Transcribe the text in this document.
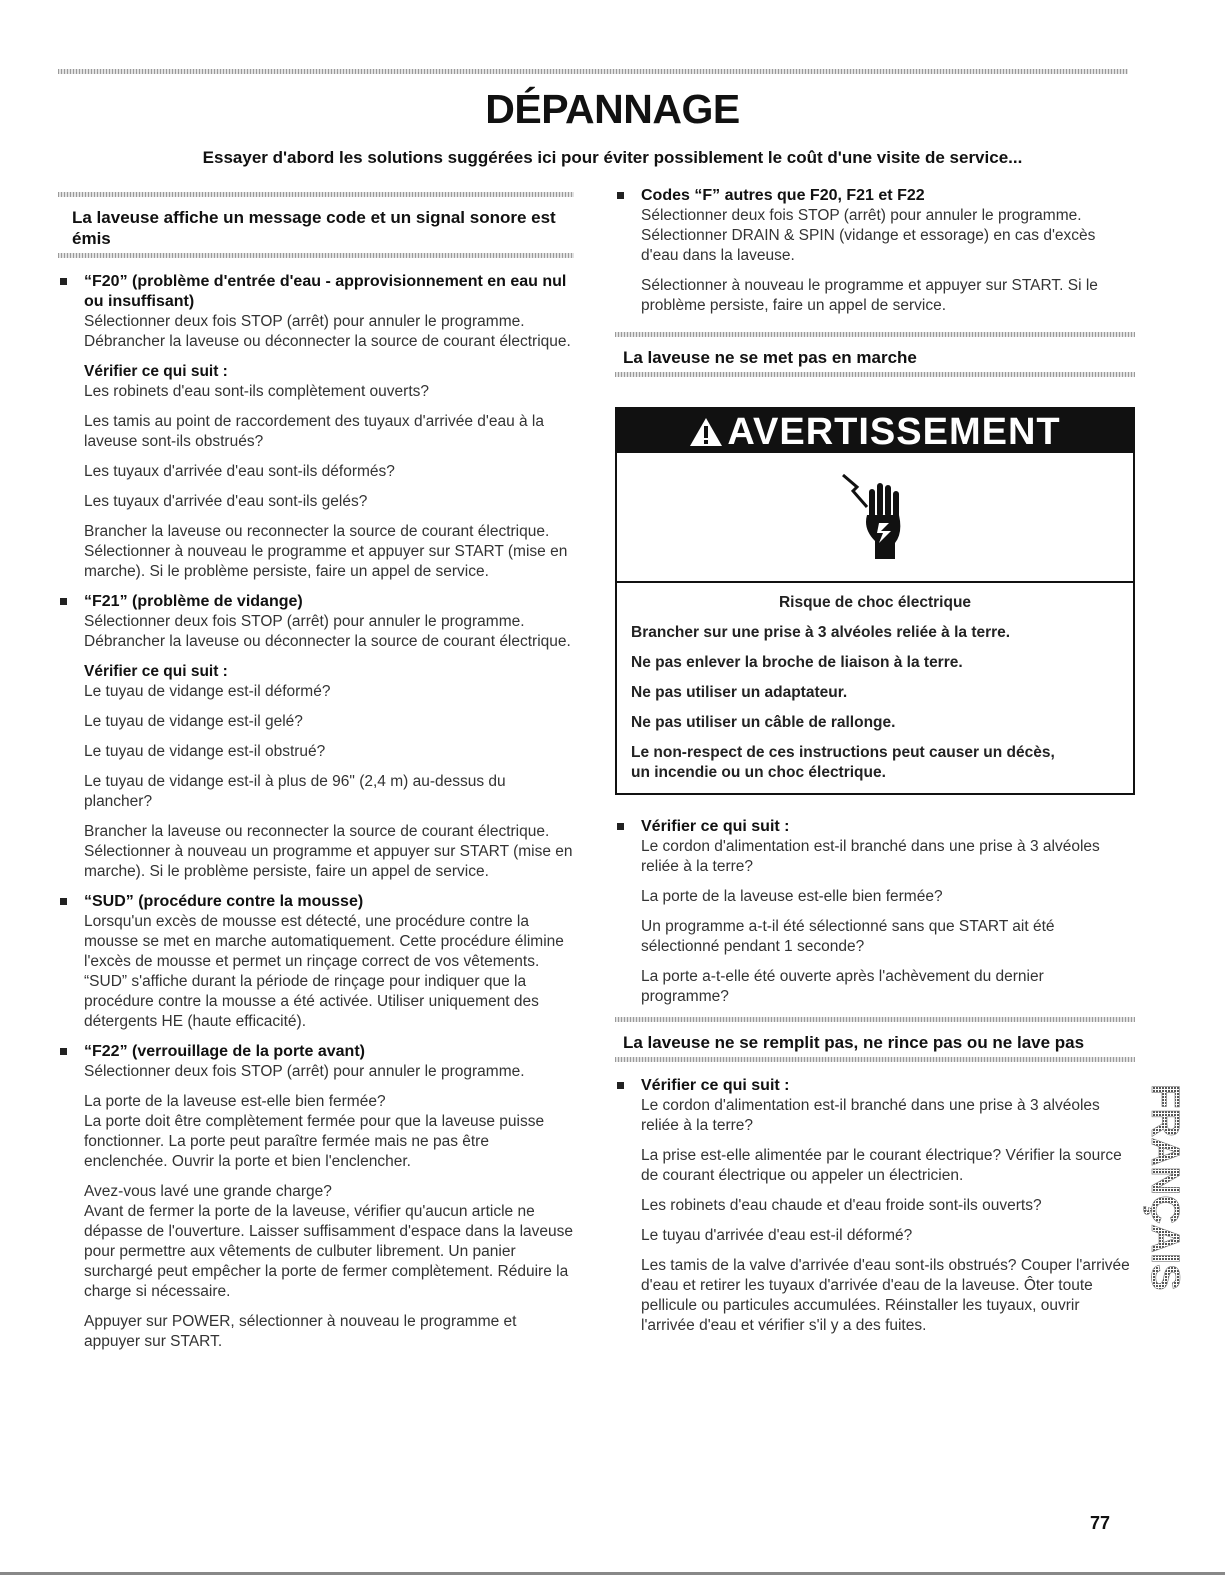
DÉPANNAGE
Essayer d'abord les solutions suggérées ici pour éviter possiblement le coût d'une visite de service...
La laveuse affiche un message code et un signal sonore est émis
“F20” (problème d'entrée d'eau - approvisionnement en eau nul ou insuffisant)

Sélectionner deux fois STOP (arrêt) pour annuler le programme. Débrancher la laveuse ou déconnecter la source de courant électrique.

Vérifier ce qui suit :
Les robinets d'eau sont-ils complètement ouverts?

Les tamis au point de raccordement des tuyaux d'arrivée d'eau à la laveuse sont-ils obstrués?

Les tuyaux d'arrivée d'eau sont-ils déformés?

Les tuyaux d'arrivée d'eau sont-ils gelés?

Brancher la laveuse ou reconnecter la source de courant électrique. Sélectionner à nouveau le programme et appuyer sur START (mise en marche). Si le problème persiste, faire un appel de service.

“F21” (problème de vidange)

Sélectionner deux fois STOP (arrêt) pour annuler le programme. Débrancher la laveuse ou déconnecter la source de courant électrique.

Vérifier ce qui suit :
Le tuyau de vidange est-il déformé?

Le tuyau de vidange est-il gelé?

Le tuyau de vidange est-il obstrué?

Le tuyau de vidange est-il à plus de 96" (2,4 m) au-dessus du plancher?

Brancher la laveuse ou reconnecter la source de courant électrique. Sélectionner à nouveau un programme et appuyer sur START (mise en marche). Si le problème persiste, faire un appel de service.

“SUD” (procédure contre la mousse)

Lorsqu'un excès de mousse est détecté, une procédure contre la mousse se met en marche automatiquement. Cette procédure élimine l'excès de mousse et permet un rinçage correct de vos vêtements. “SUD” s'affiche durant la période de rinçage pour indiquer que la procédure contre la mousse a été activée. Utiliser uniquement des détergents HE (haute efficacité).

“F22” (verrouillage de la porte avant)

Sélectionner deux fois STOP (arrêt) pour annuler le programme.

La porte de la laveuse est-elle bien fermée?
La porte doit être complètement fermée pour que la laveuse puisse fonctionner. La porte peut paraître fermée mais ne pas être enclenchée. Ouvrir la porte et bien l'enclencher.

Avez-vous lavé une grande charge?
Avant de fermer la porte de la laveuse, vérifier qu'aucun article ne dépasse de l'ouverture. Laisser suffisamment d'espace dans la laveuse pour permettre aux vêtements de culbuter librement. Un panier surchargé peut empêcher la porte de fermer complètement. Réduire la charge si nécessaire.

Appuyer sur POWER, sélectionner à nouveau le programme et appuyer sur START.

Codes “F” autres que F20, F21 et F22

Sélectionner deux fois STOP (arrêt) pour annuler le programme. Sélectionner DRAIN & SPIN (vidange et essorage) en cas d'excès d'eau dans la laveuse.

Sélectionner à nouveau le programme et appuyer sur START. Si le problème persiste, faire un appel de service.

La laveuse ne se met pas en marche
AVERTISSEMENT
Risque de choc électrique
Brancher sur une prise à 3 alvéoles reliée à la terre.
Ne pas enlever la broche de liaison à la terre.
Ne pas utiliser un adaptateur.
Ne pas utiliser un câble de rallonge.
Le non-respect de ces instructions peut causer un décès, un incendie ou un choc électrique.
Vérifier ce qui suit :

Le cordon d'alimentation est-il branché dans une prise à 3 alvéoles reliée à la terre?

La porte de la laveuse est-elle bien fermée?

Un programme a-t-il été sélectionné sans que START ait été sélectionné pendant 1 seconde?

La porte a-t-elle été ouverte après l'achèvement du dernier programme?

La laveuse ne se remplit pas, ne rince pas ou ne lave pas
Vérifier ce qui suit :

Le cordon d'alimentation est-il branché dans une prise à 3 alvéoles reliée à la terre?

La prise est-elle alimentée par le courant électrique? Vérifier la source de courant électrique ou appeler un électricien.

Les robinets d'eau chaude et d'eau froide sont-ils ouverts?

Le tuyau d'arrivée d'eau est-il déformé?

Les tamis de la valve d'arrivée d'eau sont-ils obstrués? Couper l'arrivée d'eau et retirer les tuyaux d'arrivée d'eau de la laveuse. Ôter toute pellicule ou particules accumulées. Réinstaller les tuyaux, ouvrir l'arrivée d'eau et vérifier s'il y a des fuites.

FRANÇAIS
77
